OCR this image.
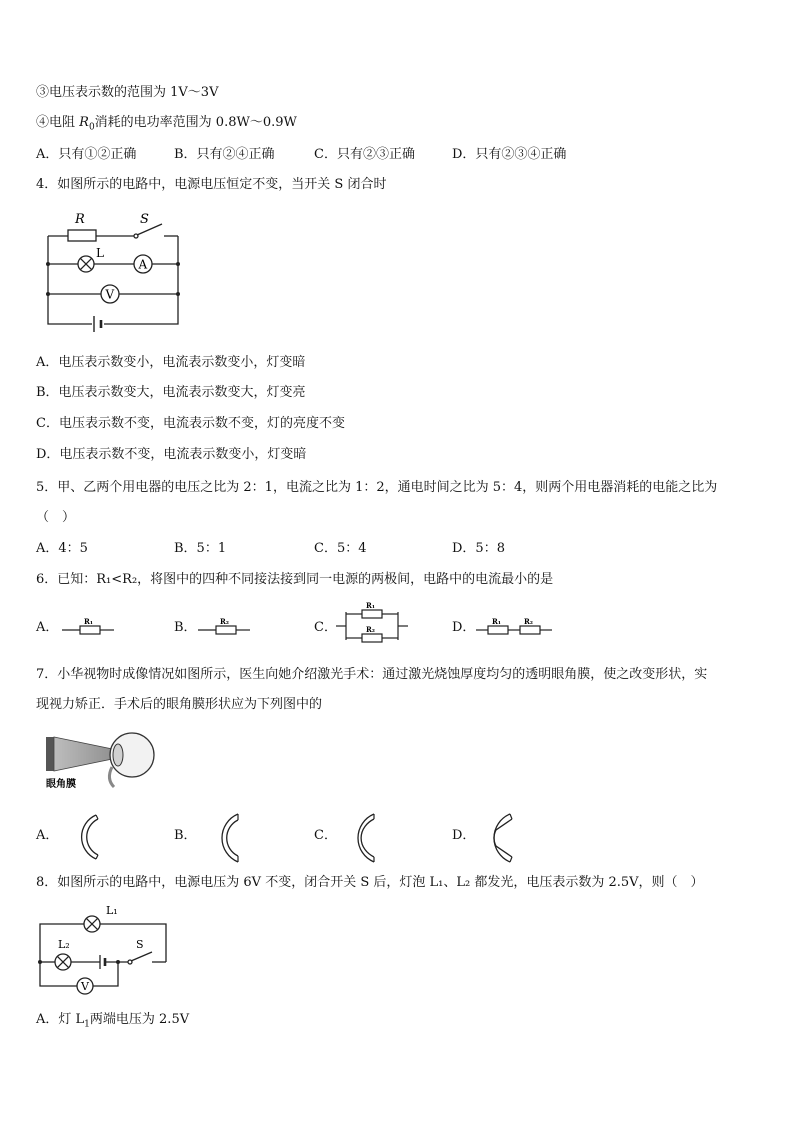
③电压表示数的范围为 1V～3V
④电阻 $R_0$消耗的电功率范围为 0.8W～0.9W
A．只有①②正确	B．只有②④正确	C．只有②③正确	D．只有②③④正确
4．如图所示的电路中，电源电压恒定不变，当开关 S 闭合时
R	S
A
L
V
A．电压表示数变小，电流表示数变小，灯变暗
B．电压表示数变大，电流表示数变大，灯变亮
C．电压表示数不变，电流表示数不变，灯的亮度不变
D．电压表示数不变，电流表示数变小，灯变暗
5．甲、乙两个用电器的电压之比为 2：1，电流之比为 1：2，通电时间之比为 5：4，则两个用电器消耗的电能之比为
（　）
A．4：5	B．5：1	C．5：4	D．5：8
6．已知：R₁<R₂，将图中的四种不同接法接到同一电源的两极间，电路中的电流最小的是
A．	R₁	B．	R₂	C．
R₁
R₂	D． R₁	R₂
7．小华视物时成像情况如图所示，医生向她介绍激光手术：通过激光烧蚀厚度均匀的透明眼角膜，使之改变形状，实
现视力矫正．手术后的眼角膜形状应为下列图中的
眼角膜
A．	B．	C．	D．
8．如图所示的电路中，电源电压为 6V 不变，闭合开关 S 后，灯泡 L₁、L₂ 都发光，电压表示数为 2.5V，则（　）
L₁
L₂	S
V
A．灯 $L_1$两端电压为 2.5V
